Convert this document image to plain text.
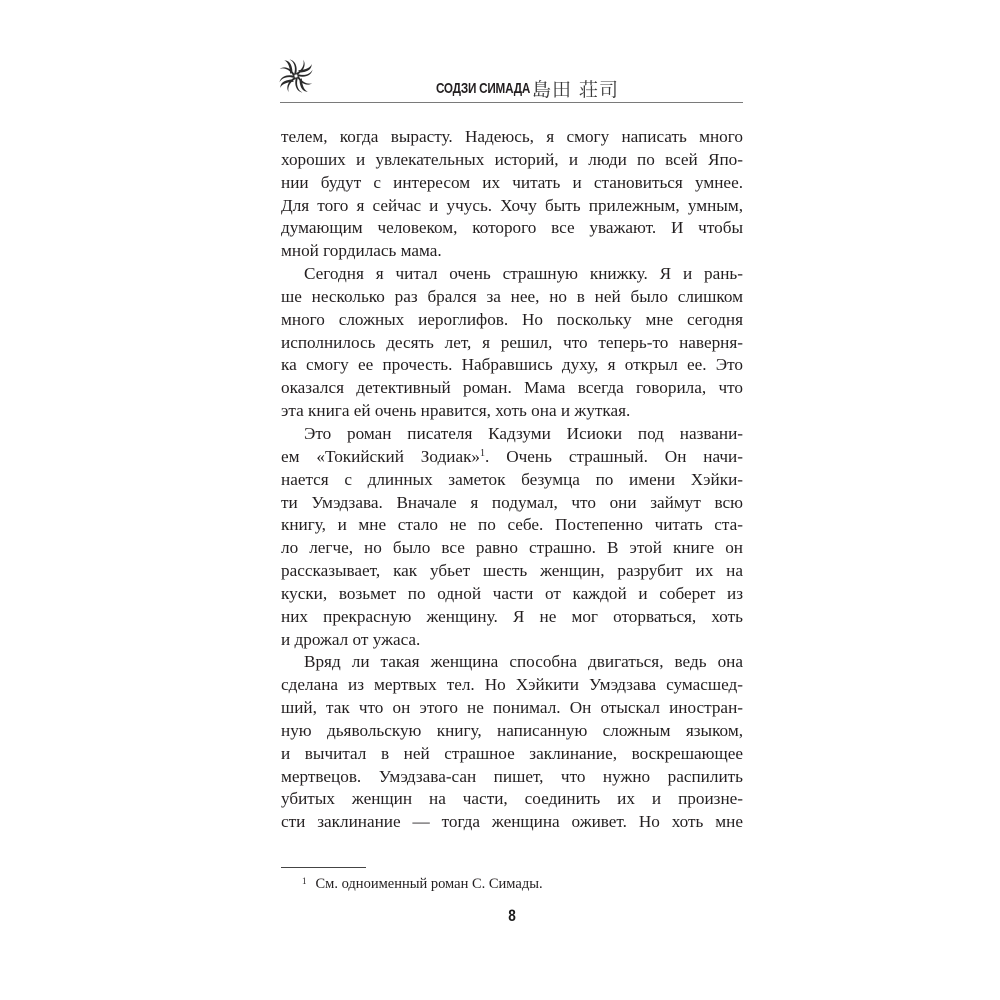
СОДЗИ СИМАДА 島田 荘司
телем, когда вырасту. Надеюсь, я смогу написать много
хороших и увлекательных историй, и люди по всей Япо-
нии будут с интересом их читать и становиться умнее.
Для того я сейчас и учусь. Хочу быть прилежным, умным,
думающим человеком, которого все уважают. И чтобы
мной гордилась мама.
Сегодня я читал очень страшную книжку. Я и рань-
ше несколько раз брался за нее, но в ней было слишком
много сложных иероглифов. Но поскольку мне сегодня
исполнилось десять лет, я решил, что теперь-то наверня-
ка смогу ее прочесть. Набравшись духу, я открыл ее. Это
оказался детективный роман. Мама всегда говорила, что
эта книга ей очень нравится, хоть она и жуткая.
Это роман писателя Кадзуми Исиоки под названи-
ем «Токийский Зодиак»$^1$. Очень страшный. Он начи-
нается с длинных заметок безумца по имени Хэйки-
ти Умэдзава. Вначале я подумал, что они займут всю
книгу, и мне стало не по себе. Постепенно читать ста-
ло легче, но было все равно страшно. В этой книге он
рассказывает, как убьет шесть женщин, разрубит их на
куски, возьмет по одной части от каждой и соберет из
них прекрасную женщину. Я не мог оторваться, хоть
и дрожал от ужаса.
Вряд ли такая женщина способна двигаться, ведь она
сделана из мертвых тел. Но Хэйкити Умэдзава сумасшед-
ший, так что он этого не понимал. Он отыскал иностран-
ную дьявольскую книгу, написанную сложным языком,
и вычитал в ней страшное заклинание, воскрешающее
мертвецов. Умэдзава-сан пишет, что нужно распилить
убитых женщин на части, соединить их и произне-
сти заклинание — тогда женщина оживет. Но хоть мне
$^1$ См. одноименный роман С. Симады.
8
